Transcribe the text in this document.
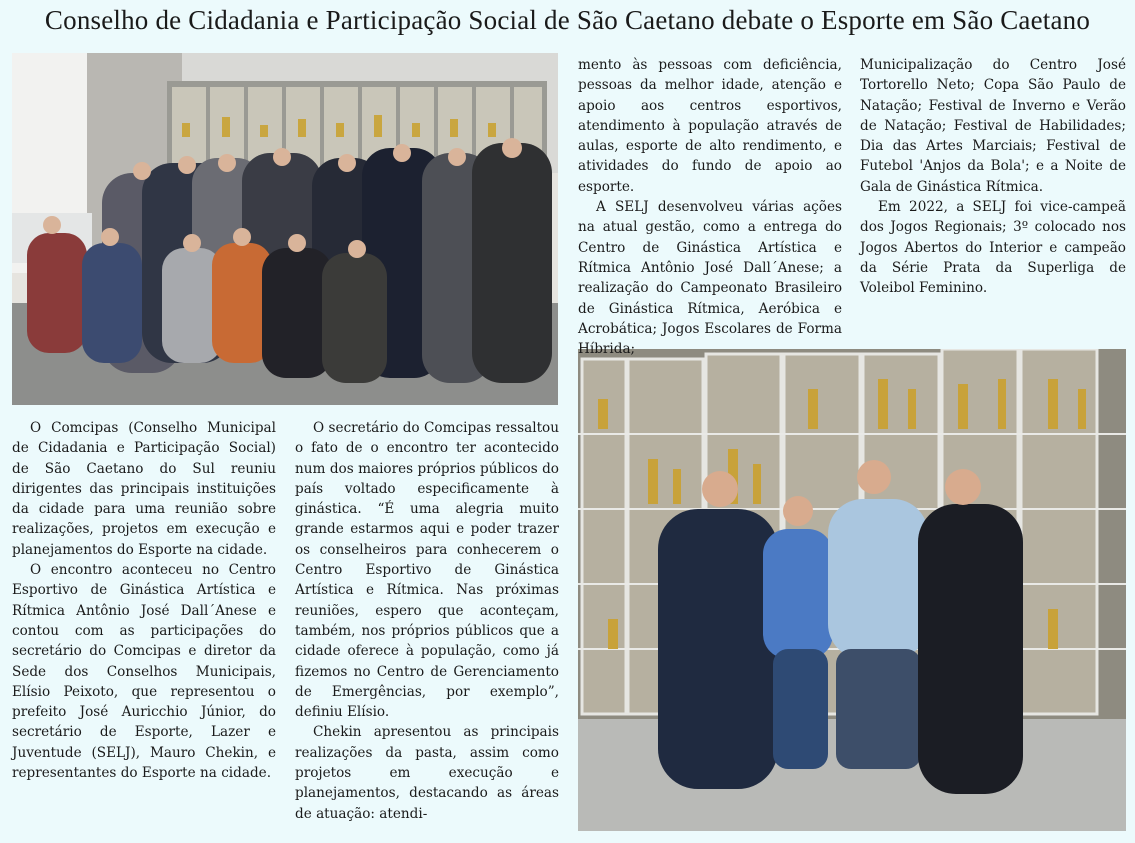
Conselho de Cidadania e Participação Social de São Caetano debate o Esporte em São Caetano

O Comcipas (Conselho Municipal de Cidadania e Participação Social) de São Caetano do Sul reuniu dirigentes das principais instituições da cidade para uma reunião sobre realizações, projetos em execução e planejamentos do Esporte na cidade.

O encontro aconteceu no Centro Esportivo de Ginástica Artística e Rítmica Antônio José Dall´Anese e contou com as participações do secretário do Comcipas e diretor da Sede dos Conselhos Municipais, Elísio Peixoto, que representou o prefeito José Auricchio Júnior, do secretário de Esporte, Lazer e Juventude (SELJ), Mauro Chekin, e representantes do Esporte na cidade.

O secretário do Comcipas ressaltou o fato de o encontro ter acontecido num dos maiores próprios públicos do país voltado especificamente à ginástica. “É uma alegria muito grande estarmos aqui e poder trazer os conselheiros para conhecerem o Centro Esportivo de Ginástica Artística e Rítmica. Nas próximas reuniões, espero que aconteçam, também, nos próprios públicos que a cidade oferece à população, como já fizemos no Centro de Gerenciamento de Emergências, por exemplo”, definiu Elísio.

Chekin apresentou as principais realizações da pasta, assim como projetos em execução e planejamentos, destacando as áreas de atuação: atendi-

mento às pessoas com deficiência, pessoas da melhor idade, atenção e apoio aos centros esportivos, atendimento à população através de aulas, esporte de alto rendimento, e atividades do fundo de apoio ao esporte.

A SELJ desenvolveu várias ações na atual gestão, como a entrega do Centro de Ginástica Artística e Rítmica Antônio José Dall´Anese; a realização do Campeonato Brasileiro de Ginástica Rítmica, Aeróbica e Acrobática; Jogos Escolares de Forma Híbrida;

Municipalização do Centro José Tortorello Neto; Copa São Paulo de Natação; Festival de Inverno e Verão de Natação; Festival de Habilidades; Dia das Artes Marciais; Festival de Futebol 'Anjos da Bola'; e a Noite de Gala de Ginástica Rítmica.

Em 2022, a SELJ foi vice-campeã dos Jogos Regionais; 3º colocado nos Jogos Abertos do Interior e campeão da Série Prata da Superliga de Voleibol Feminino.
